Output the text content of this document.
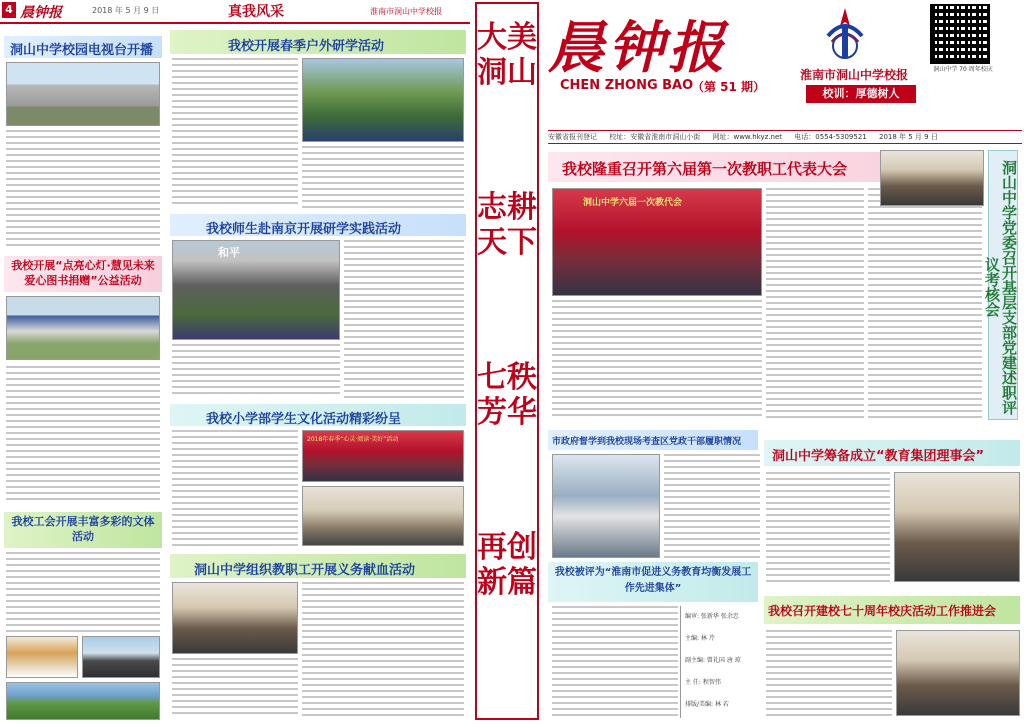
4 晨钟报	2018 年 5 月 9 日	真我风采	淮南市洞山中学校报
洞山中学校园电视台开播
我校开展“点亮心灯·慧见未来 爱心图书捐赠”公益活动
我校工会开展丰富多彩的文体活动
我校开展春季户外研学活动
我校师生赴南京开展研学实践活动
和平
我校小学部学生文化活动精彩纷呈
2018年春季“心灵·阅读·美好”活动
洞山中学组织教职工开展义务献血活动
大美洞山
志耕天下
七秩芳华
再创新篇
晨钟报
CHEN ZHONG BAO
（第 51 期）
淮南市洞山中学校报
校训：厚德树人
洞山中学 70 周年校庆
安徽省报刊登记 校址：安徽省淮南市洞山小街 网址：www.hkyz.net 电话：0554-5309521 2018 年 5 月 9 日
我校隆重召开第六届第一次教职工代表大会
洞山中学六届一次教代会	洞山中学党委召开基层支部党建述职评议考核会
市政府督学到我校现场考查区党政干部履职情况
洞山中学筹备成立“教育集团理事会”
我校被评为“淮南市促进义务教育均衡发展工作先进集体”
编审: 张新华 张余忠
主编: 林 芹
副主编: 曾礼国 唐 琼
主 任: 程智伟
排版/美编: 林 若
我校召开建校七十周年校庆活动工作推进会
